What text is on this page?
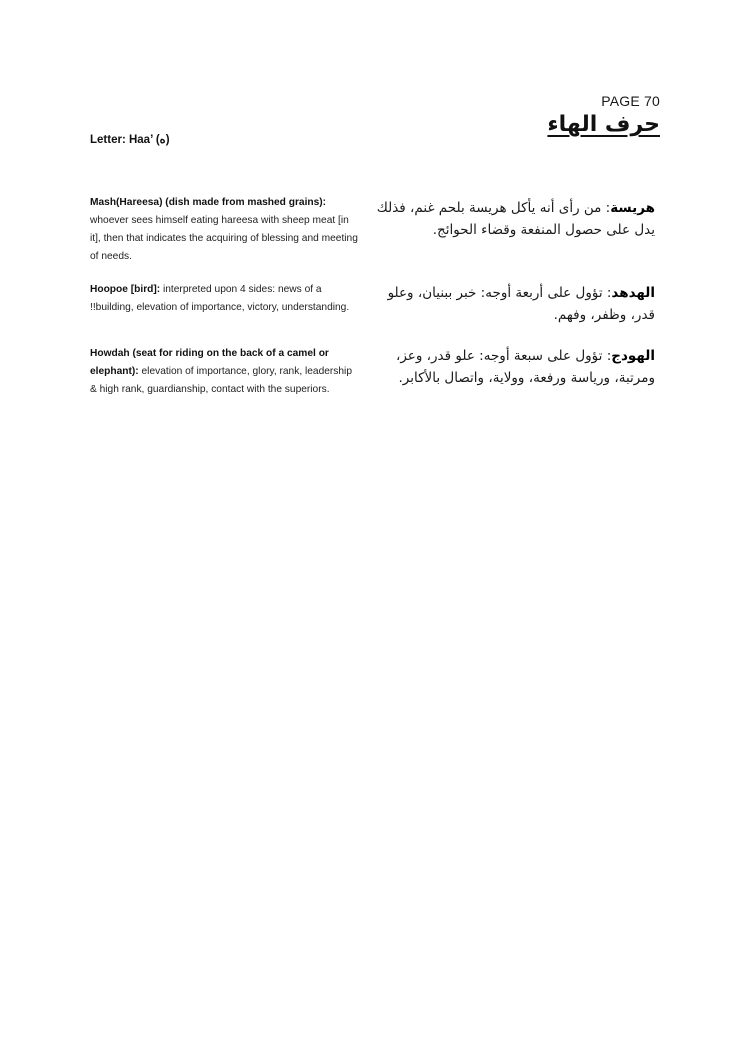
PAGE 70
حرف الهاء
Letter: Haa’ (ه)
Mash(Hareesa) (dish made from mashed grains): whoever sees himself eating hareesa with sheep meat [in it], then that indicates the acquiring of blessing and meeting of needs.
Hoopoe [bird]: interpreted upon 4 sides: news of a !!building, elevation of importance, victory, understanding.
Howdah (seat for riding on the back of a camel or elephant): elevation of importance, glory, rank, leadership & high rank, guardianship, contact with the superiors.
هريسة: من رأى أنه يأكل هريسة بلحم غنم، فذلك يدل على حصول المنفعة وقضاء الحوائج.
الهدهد: تؤول على أربعة أوجه: خبر ببنيان، وعلو قدر، وظفر، وفهم.
الهودج: تؤول على سبعة أوجه: علو قدر، وعز، ومرتبة، ورياسة ورفعة، وولاية، واتصال بالأكابر.
